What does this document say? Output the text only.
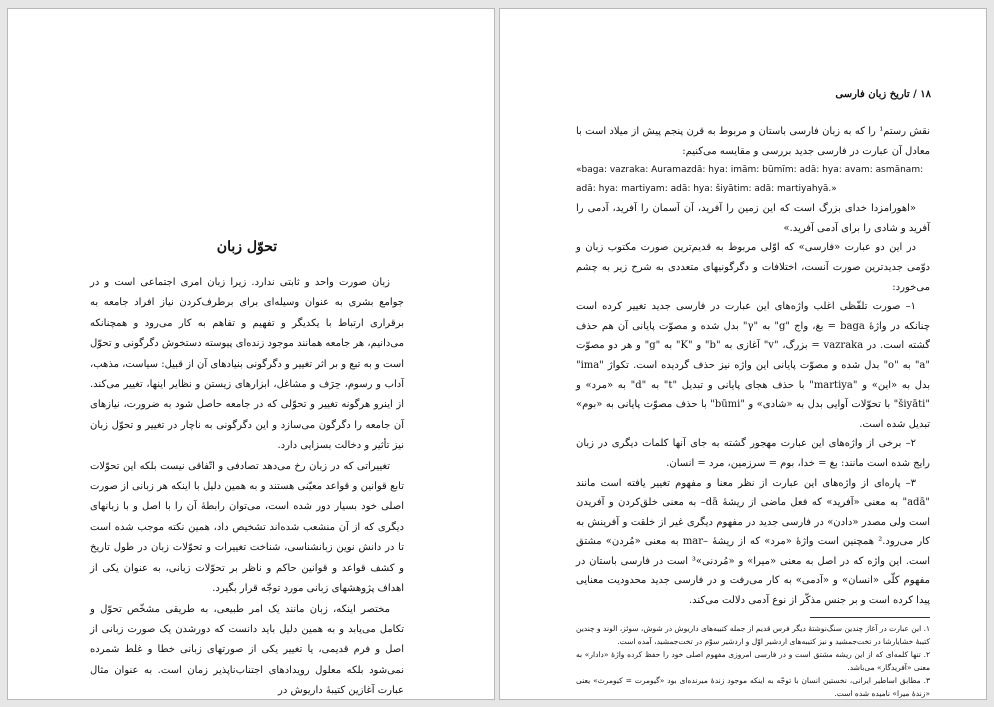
تحوّل زبان

زبان صورت واحد و ثابتی ندارد. زیرا زبان امری اجتماعی است و در جوامع بشری به عنوان وسیله‌ای برای برطرف‌کردن نیاز افراد جامعه به برقراری ارتباط با یکدیگر و تفهیم و تفاهم به کار می‌رود و همچنانکه می‌دانیم، هر جامعه همانند موجود زنده‌ای پیوسته دستخوش دگرگونی و تحوّل است و به تبع و بر اثر تغییر و دگرگونی بنیادهای آن از قبیل: سیاست، مذهب، آداب و رسوم، حِرَف و مشاغل، ابزارهای زیستن و نظایر اینها، تغییر می‌کند. از اینرو هرگونه تغییر و تحوّلی که در جامعه حاصل شود به ضرورت، نیازهای آن جامعه را دگرگون می‌سازد و این دگرگونی به ناچار در تغییر و تحوّل زبان نیز تأثیر و دخالت بسزایی دارد.

تغییراتی که در زبان رخ می‌دهد تصادفی و اتّفاقی نیست بلکه این تحوّلات تابع قوانین و قواعد معیّنی هستند و به همین دلیل با اینکه هر زبانی از صورت اصلی خود بسیار دور شده است، می‌توان رابطهٔ آن را با اصل و با زبانهای دیگری که از آن منشعب شده‌اند تشخیص داد، همین نکته موجب شده است تا در دانش نوین زبانشناسی، شناخت تغییرات و تحوّلات زبان در طول تاریخ و کشف قواعد و قوانین حاکم و ناظر بر تحوّلات زبانی، به عنوان یکی از اهداف پژوهشهای زبانی مورد توجّه قرار بگیرد.

مختصر اینکه، زبان مانند یک امر طبیعی، به طریقی مشخّص تحوّل و تکامل می‌یابد و به همین دلیل باید دانست که دورشدن یک صورت زبانی از اصل و فرم قدیمی، یا تغییر یکی از صورتهای زبانی خطا و غلط شمرده نمی‌شود بلکه معلول رویدادهای اجتناب‌ناپذیر زمان است. به عنوان مثال عبارت آغازین کتیبهٔ داریوش در

۱۸ / تاریخ زبان فارسی

نقش رستم¹ را که به زبان فارسی باستان و مربوط به قرن پنجم پیش از میلاد است با معادل آن عبارت در فارسی جدید بررسی و مقایسه می‌کنیم:

«baga: vazraka: Auramazdā: hya: imām: būmīm: adā: hya: avam: asmānam: adā: hya: martiyam: adā: hya: šiyātim: adā: martiyahyā.»

«اهورامزدا خدای بزرگ است که این زمین را آفرید، آن آسمان را آفرید، آدمی را آفرید و شادی را برای آدمی آفرید.»

در این دو عبارت «فارسی» که اوّلی مربوط به قدیم‌ترین صورت مکتوب زبان و دوّمی جدیدترین صورت آنست، اختلافات و دگرگونیهای متعددی به شرح زیر به چشم می‌خورد:

۱– صورت تلفّظی اغلب واژه‌های این عبارت در فارسی جدید تغییر کرده است چنانکه در واژهٔ baga = بغ، واج "g" به "γ" بدل شده و مصوّت پایانی آن هم حذف گشته است. در vazraka = بزرگ، "v" آغازی به "b" و "K" به "g" و هر دو مصوّت "a" به "o" بدل شده و مصوّت پایانی این واژه نیز حذف گردیده است. تکواژ "ima" بدل به «این» و "martiya" با حذف هجای پایانی و تبدیل "t" به "d" به «مرد» و "šiyāti" با تحوّلات آوایی بدل به «شادی» و "būmi" با حذف مصوّت پایانی به «بوم» تبدیل شده است.

۲– برخی از واژه‌های این عبارت مهجور گشته به جای آنها کلمات دیگری در زبان رایج شده است مانند: بغ = خدا، بوم = سرزمین، مرد = انسان.

۳– پاره‌ای از واژه‌های این عبارت از نظر معنا و مفهوم تغییر یافته است مانند "adā" به معنی «آفرید» که فعل ماضی از ریشهٔ dā– به معنی خلق‌کردن و آفریدن است ولی مصدر «دادن» در فارسی جدید در مفهوم دیگری غیر از خلقت و آفرینش به کار می‌رود.² همچنین است واژهٔ «مرد» که از ریشهٔ –mar به معنی «مُردن» مشتق است. این واژه که در اصل به معنی «میرا» و «مُردنی»³ است در فارسی باستان در مفهوم کلّی «انسان» و «آدمی» به کار می‌رفت و در فارسی جدید محدودیت معنایی پیدا کرده است و بر جنس مذکّر از نوع آدمی دلالت می‌کند.

۱. این عبارت در آغاز چندین سنگ‌نوشتهٔ دیگر فرس قدیم از جمله کتیبه‌های داریوش در شوش، سوئز، الوند و چندین کتیبهٔ خشایارشا در تخت‌جمشید و نیز کتیبه‌های اردشیر اوّل و اردشیر سوّم در تخت‌جمشید، آمده است.

۲. تنها کلمه‌ای که از این ریشه مشتق است و در فارسی امروزی مفهوم اصلی خود را حفظ کرده واژهٔ «دادار» به معنی «آفریدگار» می‌باشد.

۳. مطابق اساطیر ایرانی، نخستین انسان با توجّه به اینکه موجود زندهٔ میرنده‌ای بود «گیومرت = کیومرث» یعنی «زندهٔ میرا» نامیده شده است.
